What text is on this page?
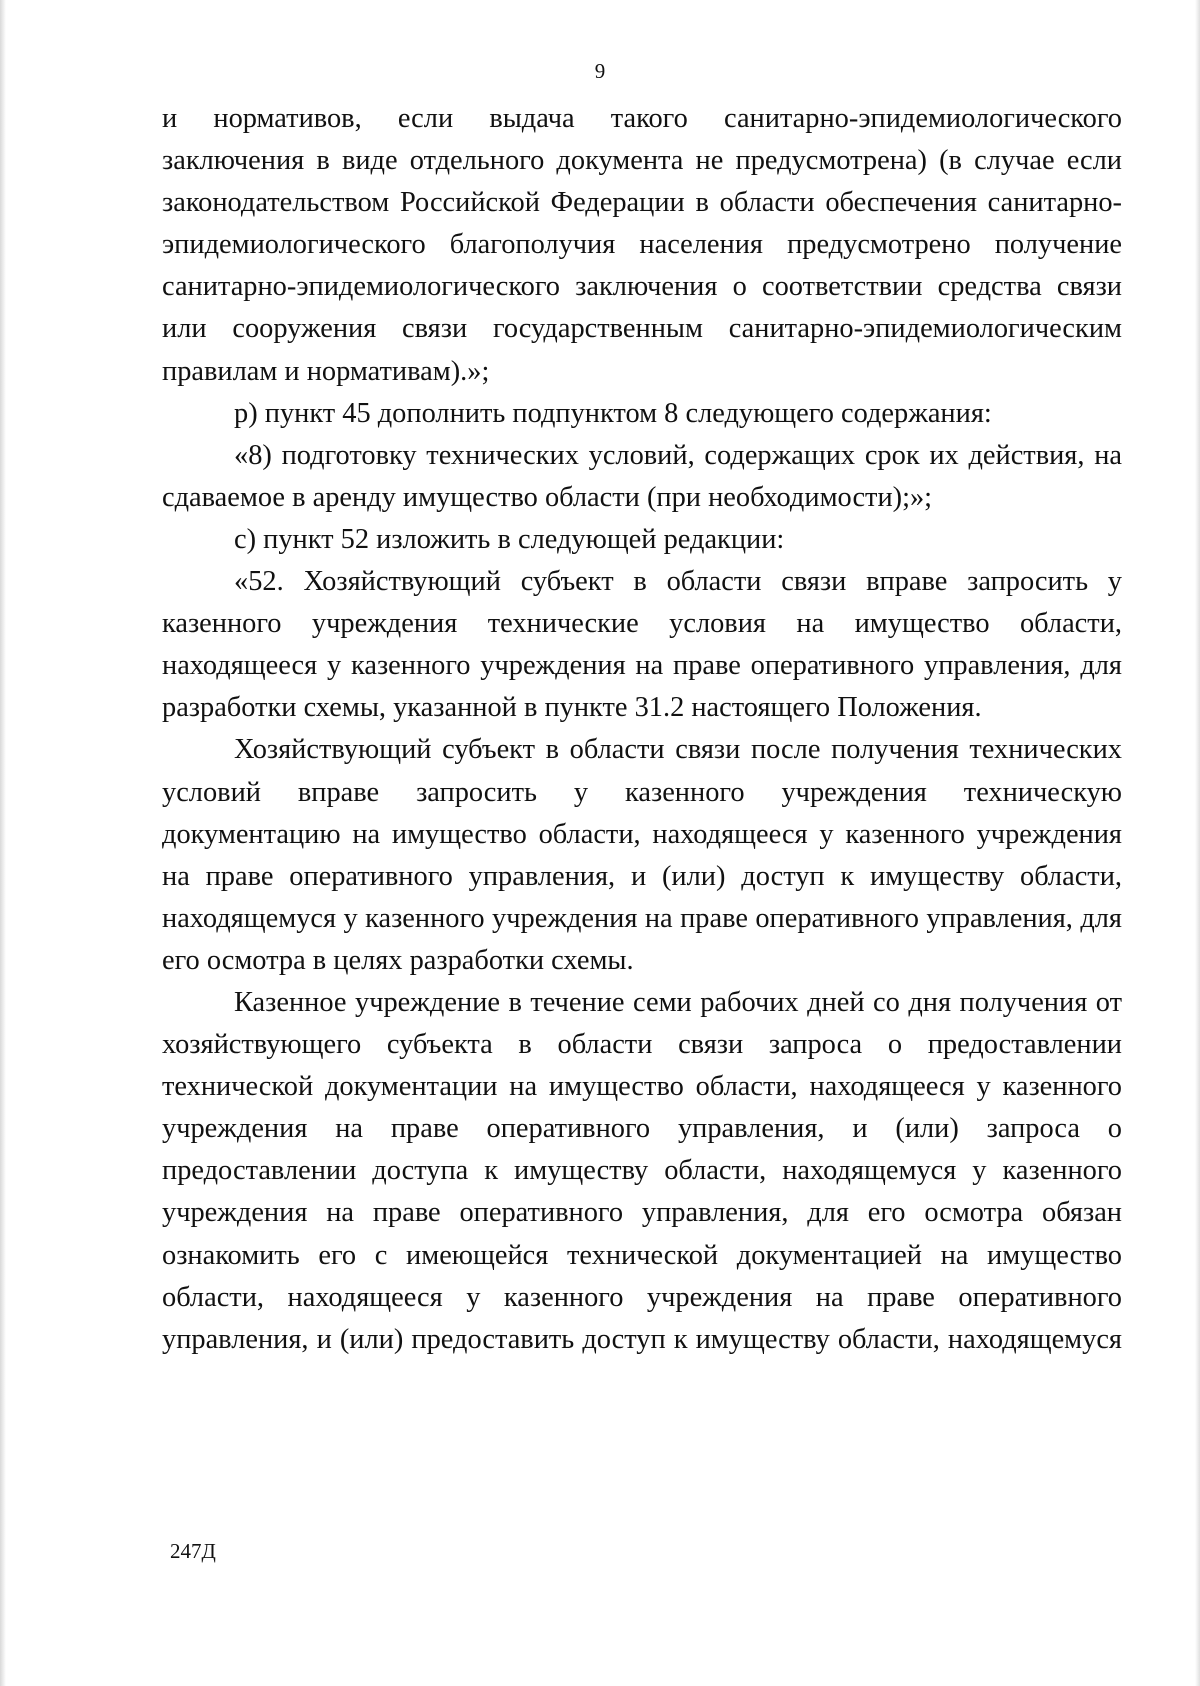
9

и нормативов, если выдача такого санитарно-эпидемиологического заключения в виде отдельного документа не предусмотрена) (в случае если законодательством Российской Федерации в области обеспечения санитарно-эпидемиологического благополучия населения предусмотрено получение санитарно-эпидемиологического заключения о соответствии средства связи или сооружения связи государственным санитарно-эпидемиологическим правилам и нормативам).»;

р) пункт 45 дополнить подпунктом 8 следующего содержания:

«8) подготовку технических условий, содержащих срок их действия, на сдаваемое в аренду имущество области (при необходимости);»;

с) пункт 52 изложить в следующей редакции:

«52. Хозяйствующий субъект в области связи вправе запросить у казенного учреждения технические условия на имущество области, находящееся у казенного учреждения на праве оперативного управления, для разработки схемы, указанной в пункте 31.2 настоящего Положения.

Хозяйствующий субъект в области связи после получения технических условий вправе запросить у казенного учреждения техническую документацию на имущество области, находящееся у казенного учреждения на праве оперативного управления, и (или) доступ к имуществу области, находящемуся у казенного учреждения на праве оперативного управления, для его осмотра в целях разработки схемы.

Казенное учреждение в течение семи рабочих дней со дня получения от хозяйствующего субъекта в области связи запроса о предоставлении технической документации на имущество области, находящееся у казенного учреждения на праве оперативного управления, и (или) запроса о предоставлении доступа к имуществу области, находящемуся у казенного учреждения на праве оперативного управления, для его осмотра обязан ознакомить его с имеющейся технической документацией на имущество области, находящееся у казенного учреждения на праве оперативного управления, и (или) предоставить доступ к имуществу области, находящемуся

247Д
